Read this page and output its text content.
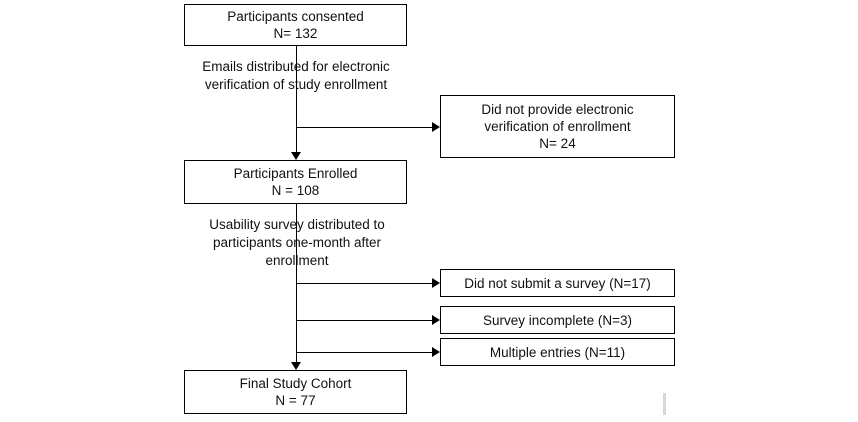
Participants consented
N= 132
Emails distributed for electronic
verification of study enrollment
Did not provide electronic
verification of enrollment
N= 24
Participants Enrolled
N = 108
Usability survey distributed to
participants one-month after
enrollment
Did not submit a survey (N=17)
Survey incomplete (N=3)
Multiple entries (N=11)
Final Study Cohort
N = 77
